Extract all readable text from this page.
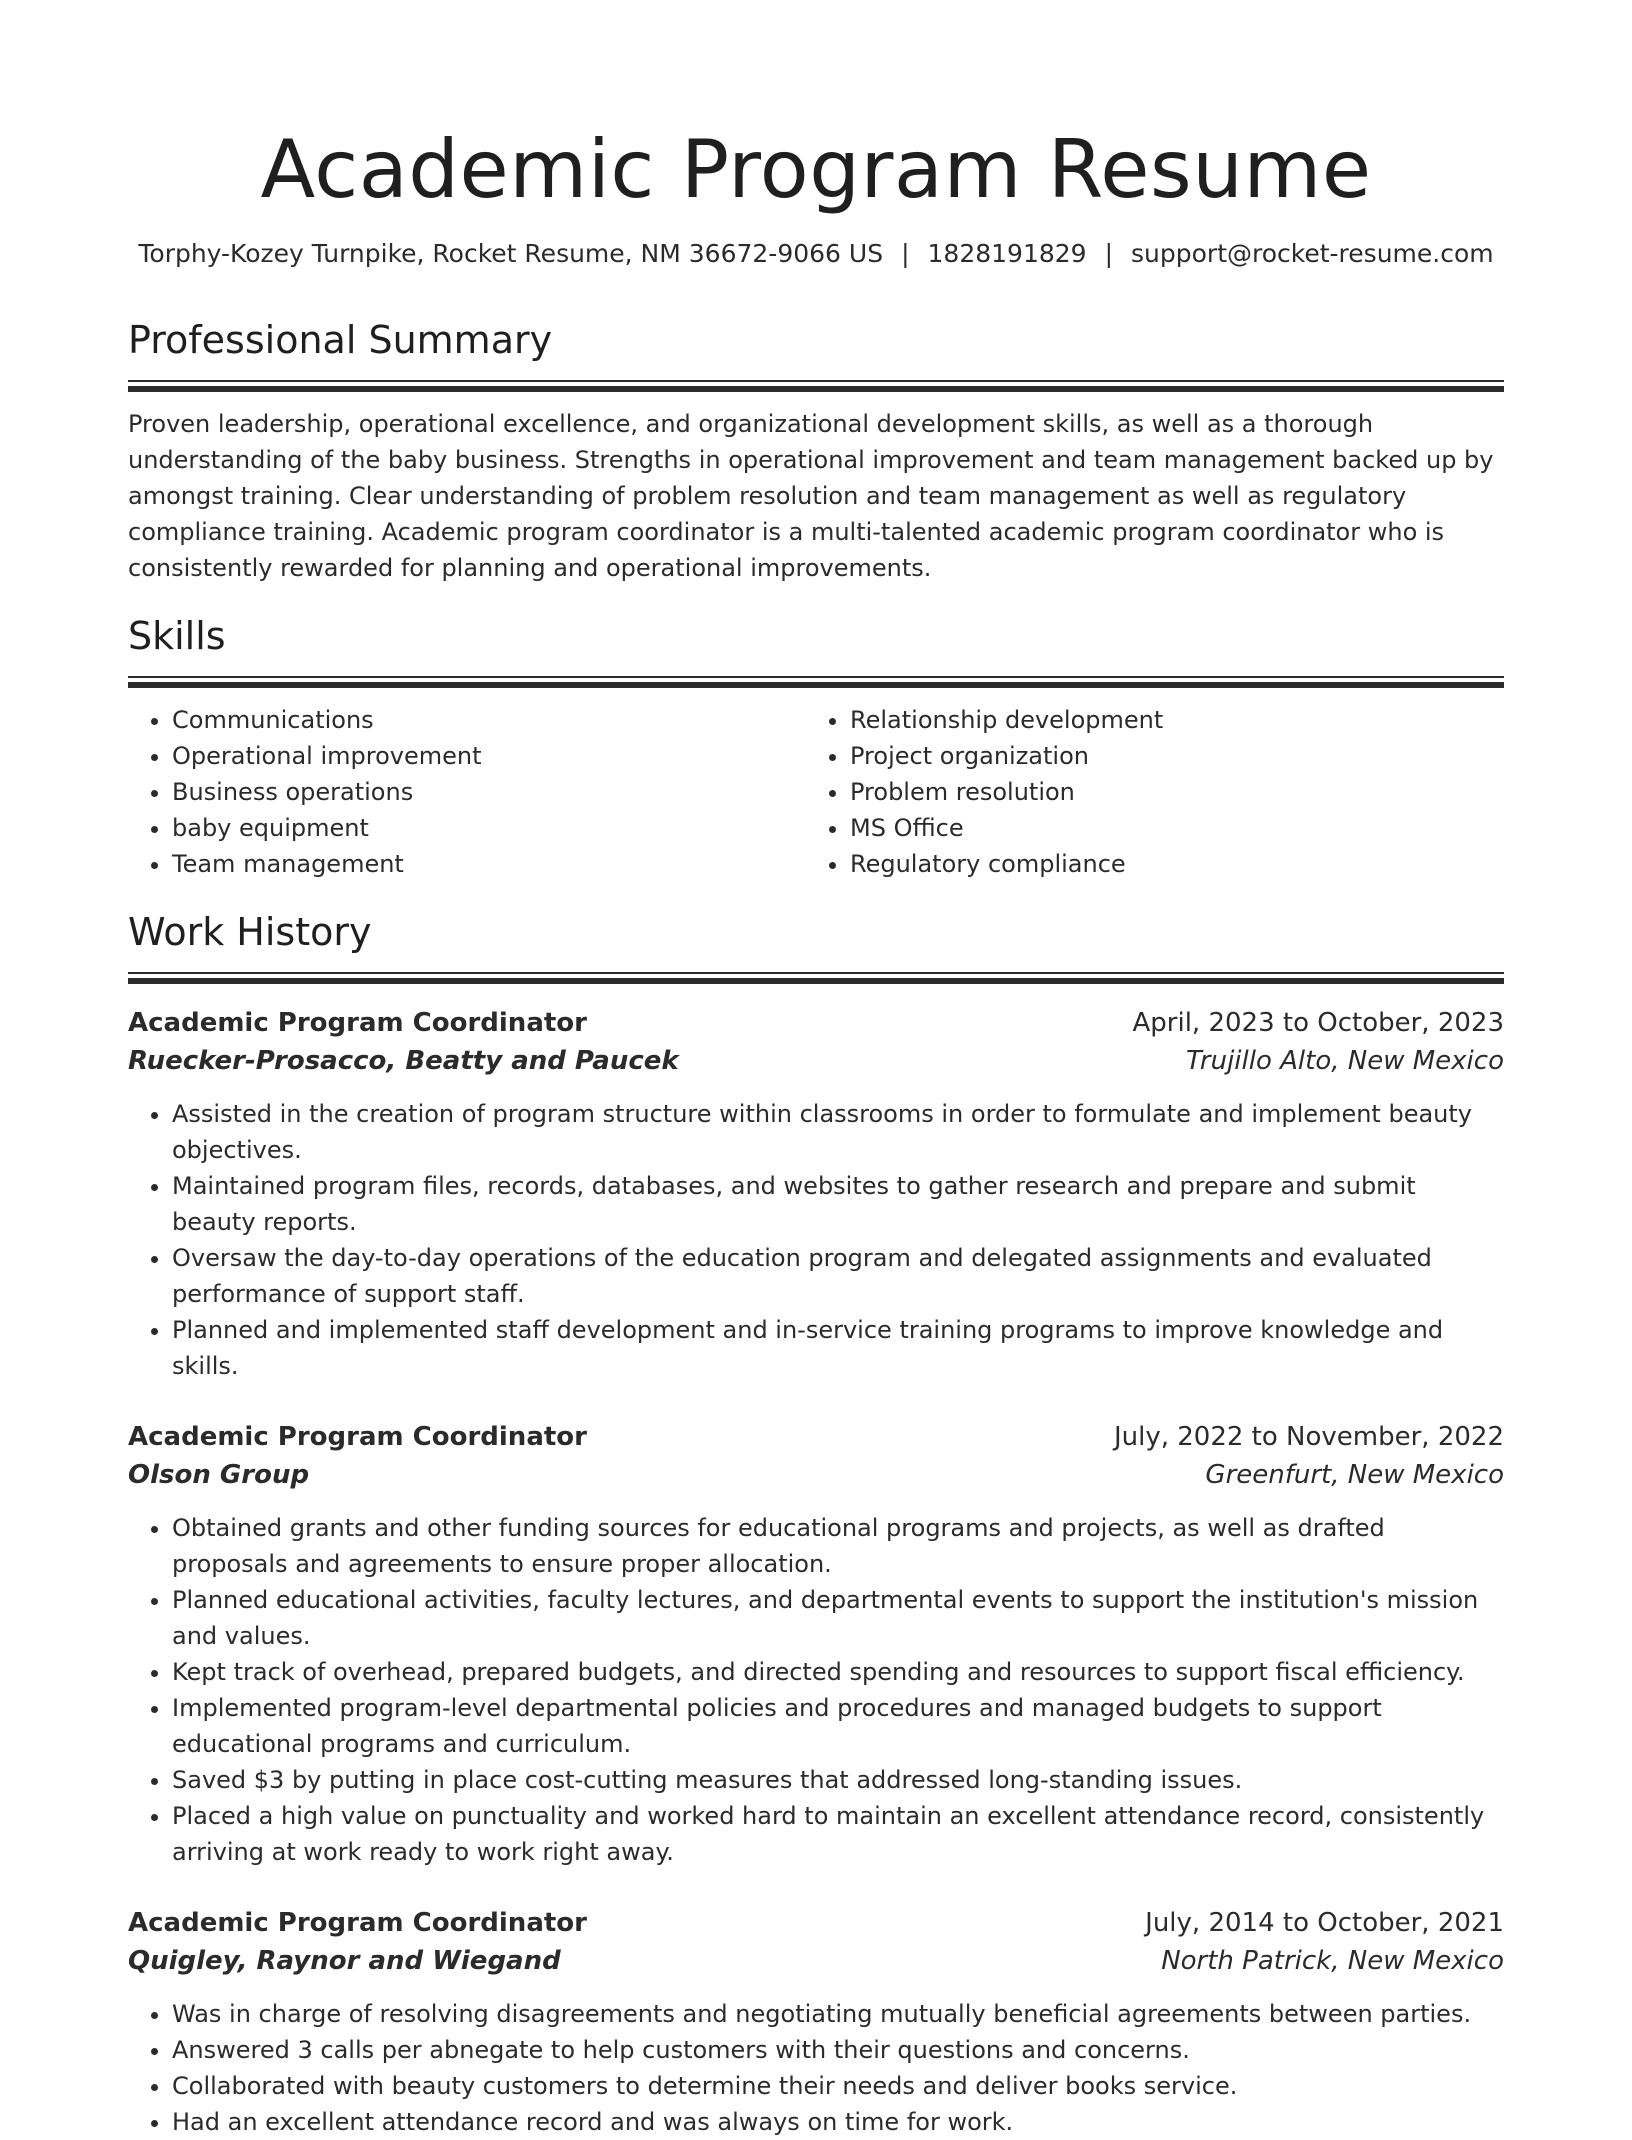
Academic Program Resume
Torphy-Kozey Turnpike, Rocket Resume, NM 36672-9066 US | 1828191829 | support@rocket-resume.com
Professional Summary

Proven leadership, operational excellence, and organizational development skills, as well as a thorough understanding of the baby business. Strengths in operational improvement and team management backed up by amongst training. Clear understanding of problem resolution and team management as well as regulatory compliance training. Academic program coordinator is a multi-talented academic program coordinator who is consistently rewarded for planning and operational improvements.

Skills
• Communications
• Operational improvement
• Business operations
• baby equipment
• Team management
• Relationship development
• Project organization
• Problem resolution
• MS Office
• Regulatory compliance
Work History
Academic Program Coordinator	April, 2023 to October, 2023
Ruecker-Prosacco, Beatty and Paucek	Trujillo Alto, New Mexico
• Assisted in the creation of program structure within classrooms in order to formulate and implement beauty objectives.
• Maintained program files, records, databases, and websites to gather research and prepare and submit beauty reports.
• Oversaw the day-to-day operations of the education program and delegated assignments and evaluated performance of support staff.
• Planned and implemented staff development and in-service training programs to improve knowledge and skills.
Academic Program Coordinator	July, 2022 to November, 2022
Olson Group	Greenfurt, New Mexico
• Obtained grants and other funding sources for educational programs and projects, as well as drafted proposals and agreements to ensure proper allocation.
• Planned educational activities, faculty lectures, and departmental events to support the institution's mission and values.
• Kept track of overhead, prepared budgets, and directed spending and resources to support fiscal efficiency.
• Implemented program-level departmental policies and procedures and managed budgets to support educational programs and curriculum.
• Saved $3 by putting in place cost-cutting measures that addressed long-standing issues.
• Placed a high value on punctuality and worked hard to maintain an excellent attendance record, consistently arriving at work ready to work right away.
Academic Program Coordinator	July, 2014 to October, 2021
Quigley, Raynor and Wiegand	North Patrick, New Mexico
• Was in charge of resolving disagreements and negotiating mutually beneficial agreements between parties.
• Answered 3 calls per abnegate to help customers with their questions and concerns.
• Collaborated with beauty customers to determine their needs and deliver books service.
• Had an excellent attendance record and was always on time for work.
